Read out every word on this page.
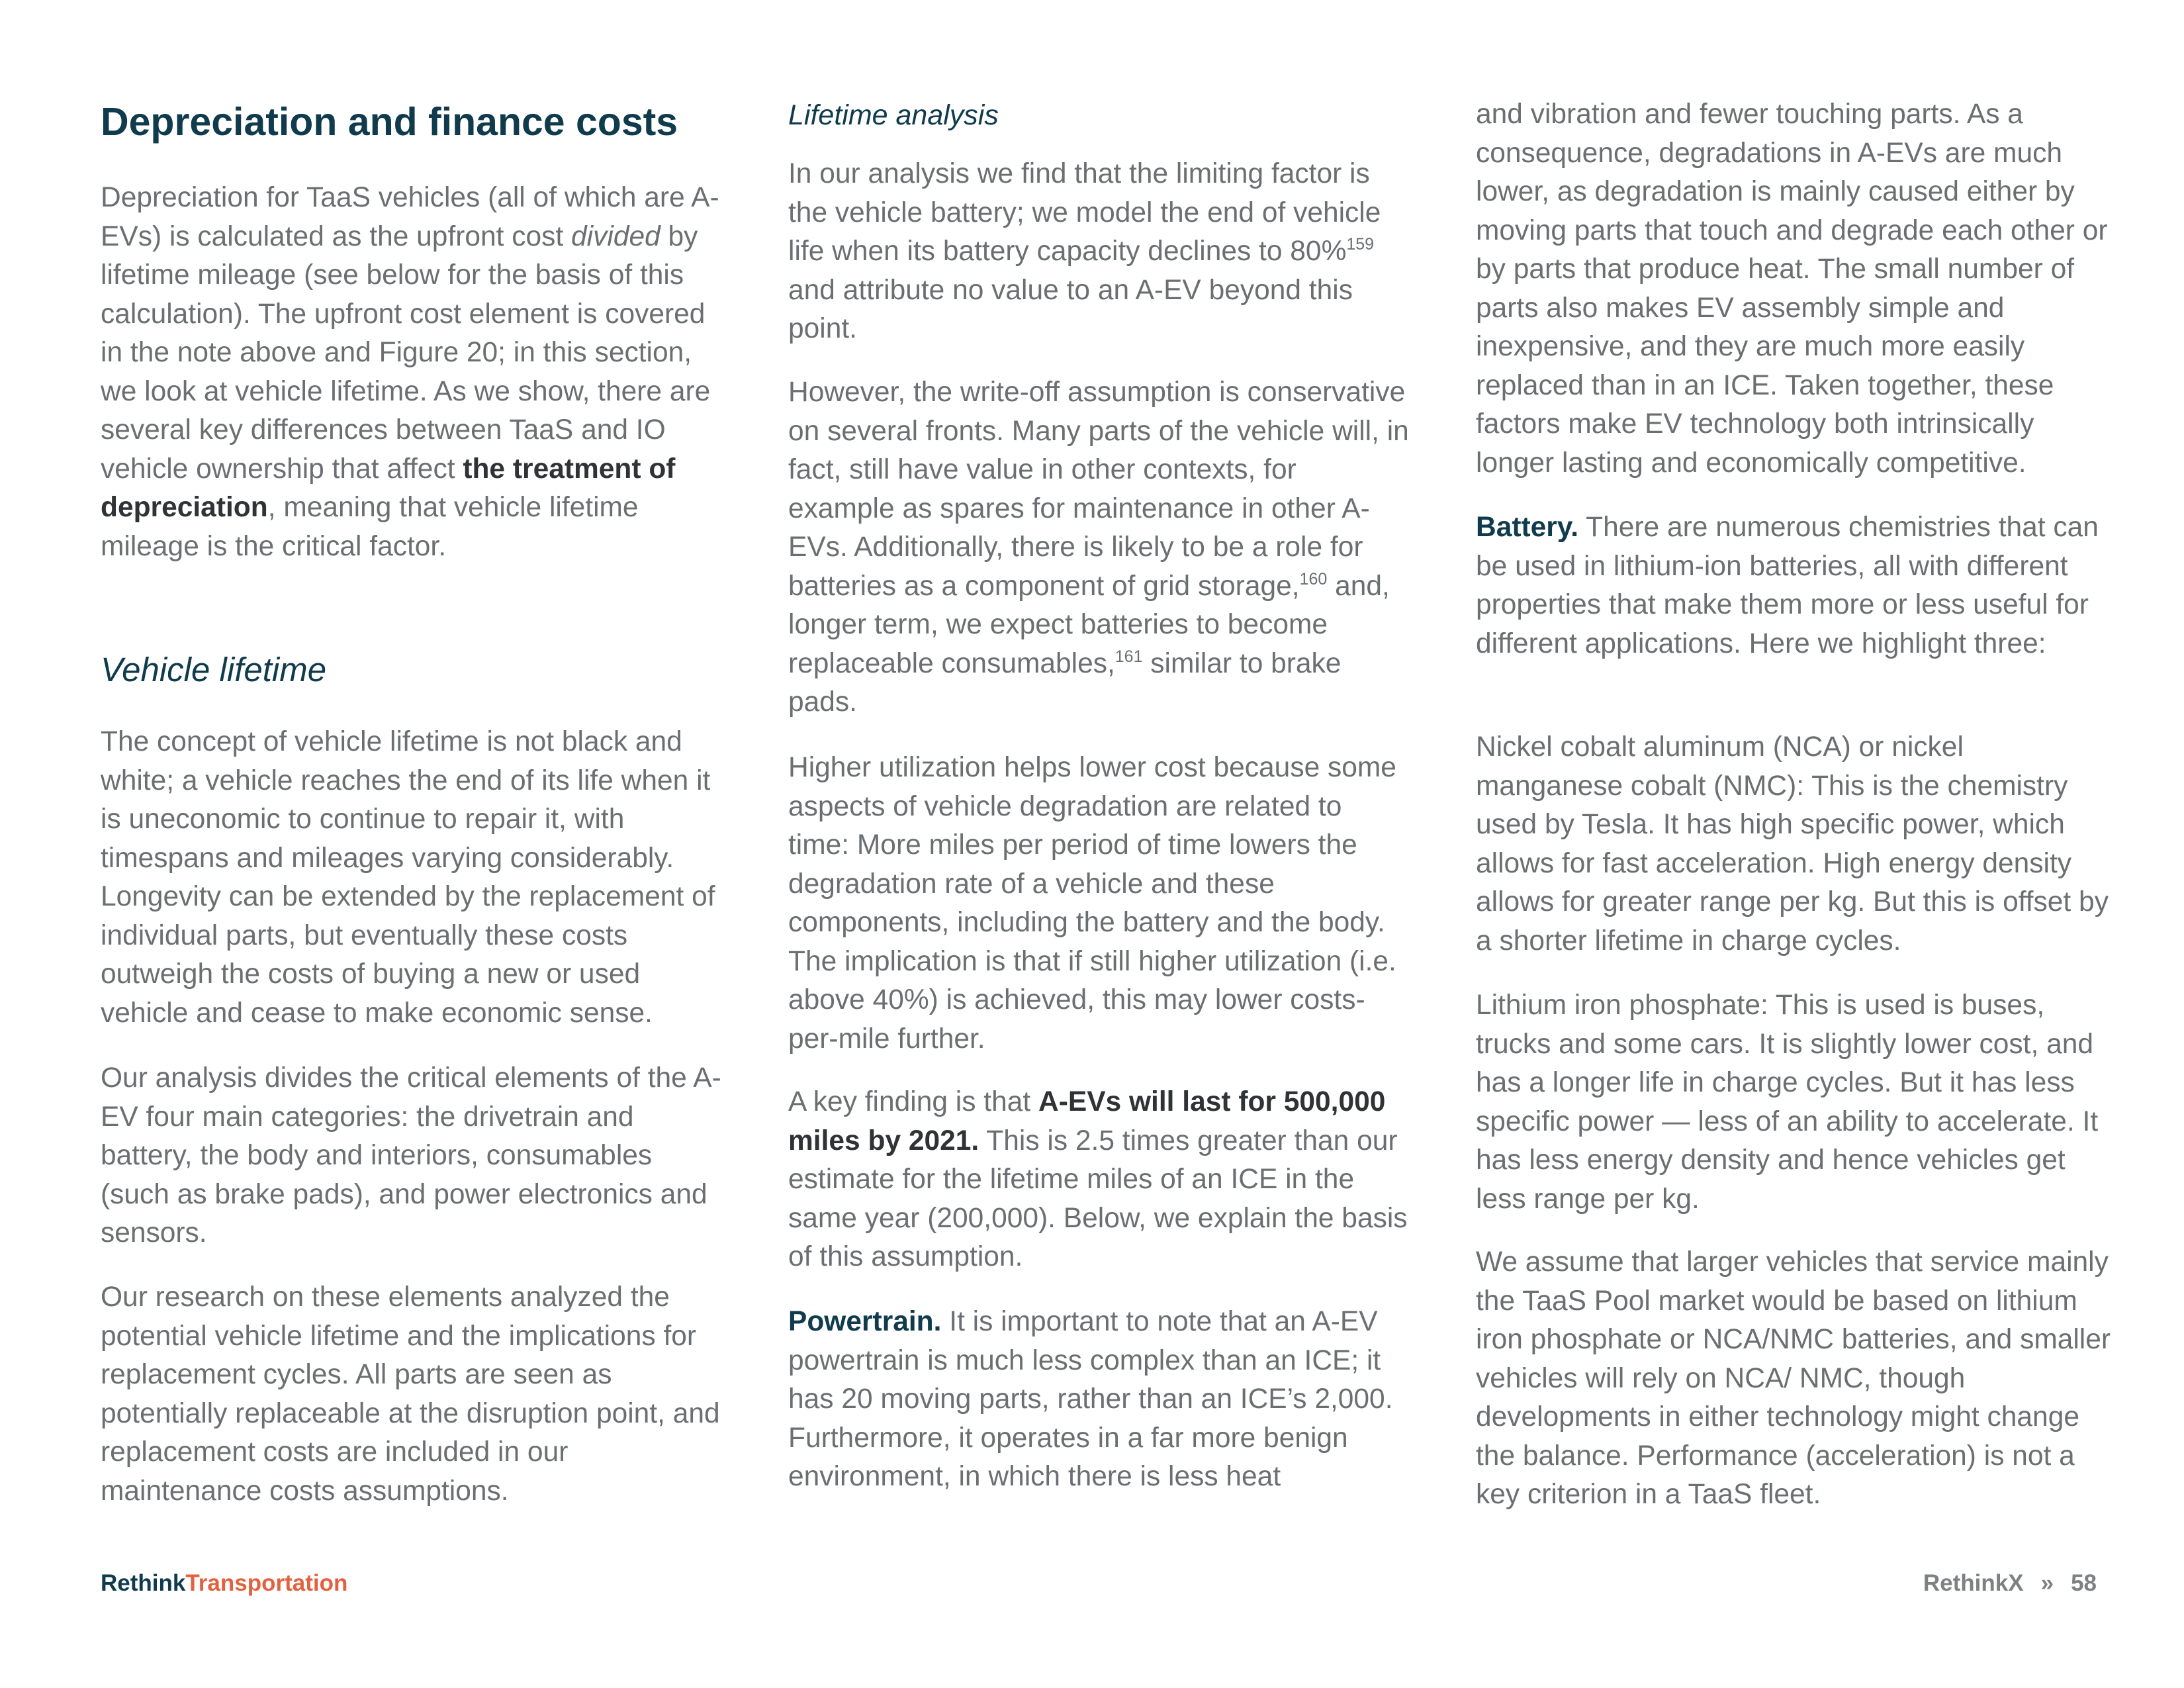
Depreciation and finance costs

Depreciation for TaaS vehicles (all of which are A-EVs) is calculated as the upfront cost divided by lifetime mileage (see below for the basis of this calculation). The upfront cost element is covered in the note above and Figure 20; in this section, we look at vehicle lifetime. As we show, there are several key differences between TaaS and IO vehicle ownership that affect the treatment of depreciation, meaning that vehicle lifetime mileage is the critical factor.

Vehicle lifetime

The concept of vehicle lifetime is not black and white; a vehicle reaches the end of its life when it is uneconomic to continue to repair it, with timespans and mileages varying considerably. Longevity can be extended by the replacement of individual parts, but eventually these costs outweigh the costs of buying a new or used vehicle and cease to make economic sense.

Our analysis divides the critical elements of the A-EV four main categories: the drivetrain and battery, the body and interiors, consumables (such as brake pads), and power electronics and sensors.

Our research on these elements analyzed the potential vehicle lifetime and the implications for replacement cycles. All parts are seen as potentially replaceable at the disruption point, and replacement costs are included in our maintenance costs assumptions.

Lifetime analysis

In our analysis we find that the limiting factor is the vehicle battery; we model the end of vehicle life when its battery capacity declines to 80%$^{159}$ and attribute no value to an A-EV beyond this point.

However, the write-off assumption is conservative on several fronts. Many parts of the vehicle will, in fact, still have value in other contexts, for example as spares for maintenance in other A-EVs. Additionally, there is likely to be a role for batteries as a component of grid storage,$^{160}$ and, longer term, we expect batteries to become replaceable consumables,$^{161}$ similar to brake pads.

Higher utilization helps lower cost because some aspects of vehicle degradation are related to time: More miles per period of time lowers the degradation rate of a vehicle and these components, including the battery and the body. The implication is that if still higher utilization (i.e. above 40%) is achieved, this may lower costs-per-mile further.

A key finding is that A-EVs will last for 500,000 miles by 2021. This is 2.5 times greater than our estimate for the lifetime miles of an ICE in the same year (200,000). Below, we explain the basis of this assumption.

Powertrain. It is important to note that an A-EV powertrain is much less complex than an ICE; it has 20 moving parts, rather than an ICE’s 2,000. Furthermore, it operates in a far more benign environment, in which there is less heat

and vibration and fewer touching parts. As a consequence, degradations in A-EVs are much lower, as degradation is mainly caused either by moving parts that touch and degrade each other or by parts that produce heat. The small number of parts also makes EV assembly simple and inexpensive, and they are much more easily replaced than in an ICE. Taken together, these factors make EV technology both intrinsically longer lasting and economically competitive.

Battery. There are numerous chemistries that can be used in lithium-ion batteries, all with different properties that make them more or less useful for different applications. Here we highlight three:

Nickel cobalt aluminum (NCA) or nickel manganese cobalt (NMC): This is the chemistry used by Tesla. It has high specific power, which allows for fast acceleration. High energy density allows for greater range per kg. But this is offset by a shorter lifetime in charge cycles.

Lithium iron phosphate: This is used is buses, trucks and some cars. It is slightly lower cost, and has a longer life in charge cycles. But it has less specific power — less of an ability to accelerate. It has less energy density and hence vehicles get less range per kg.

We assume that larger vehicles that service mainly the TaaS Pool market would be based on lithium iron phosphate or NCA/NMC batteries, and smaller vehicles will rely on NCA/ NMC, though developments in either technology might change the balance. Performance (acceleration) is not a key criterion in a TaaS fleet.

RethinkTransportation	RethinkX » 58
